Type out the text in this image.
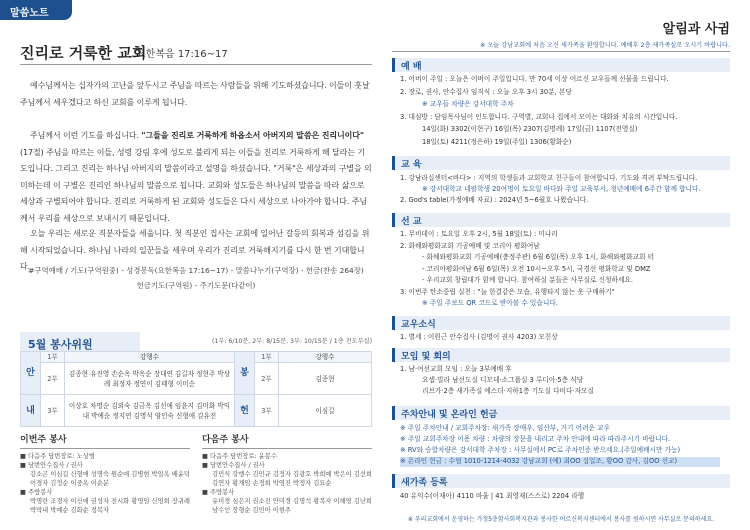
말씀노트
진리로 거룩한 교회
요한복음 17:16~17
예수님께서는 십자가의 고난을 앞두시고 주님을 따르는 사람들을 위해 기도하셨습니다. 이들이 훗날 주님께서 세우겠다고 하신 교회를 이루게 됩니다.
주님께서 이런 기도를 하십니다. "그들을 진리로 거룩하게 하옵소서 아버지의 말씀은 진리니이다"(17절) 주님을 따르는 이들, 성령 강림 후에 성도로 불리게 되는 이들을 진리로 거룩하게 해 달라는 기도입니다. 그리고 진리는 하나님 아버지의 말씀이라고 설명을 하셨습니다. "거룩"은 세상과의 구별을 의미하는데 이 구별은 진리인 하나님의 말씀으로 됩니다. 교회와 성도들은 하나님의 말씀을 따라 삶으로 세상과 구별되어야 합니다. 진리로 거룩하게 된 교회와 성도들은 다시 세상으로 나아가야 합니다. 주님께서 우리를 세상으로 보내시기 때문입니다.
오늘 우리는 새로운 직분자들을 세웁니다. 첫 직분인 집사는 교회에 일어난 갈등의 회복과 섬김을 위해 시작되었습니다. 하나님 나라의 일꾼들을 세우며 우리가 진리로 거룩해지기를 다시 한 번 기대합니다.
#구역예배 / 기도(구역원중) - 성경봉독(요한복음 17:16~17) - 말씀나누기(구역장) - 헌금(찬송 264장)
헌금기도(구역원) - 주기도문(다같이)
5월 봉사위원	(1부: 6/10분, 2부: 8/15분, 3부: 10/15분 / 1층 전도부실)
안	1부	강행수	봉	1부	강행수
	2부	김종현 유진영 손순옥 박옥순 장대연 김길자 정현주 박상례 최정자 정연이 김태형 이미순		2부	김종현
내	3부	이상호 차명순 김외숙 김금옥 김선애 임윤지 김미화 박익내 박예순 정지연 김명석 염인숙 신형애 김유진	헌	3부	이심길
이번주 봉사
■ 다음주 담번장로: 노상범
■ 당번안수집사 / 권사
김소곤 이심길 신형애 성명숙 원순애 김병현 박일옥 배윤덕
이경자 김정순 이중옥 이순분
■ 주방봉사
박명란 조경자 이신애 권성자 전시화 황영임 신영희 장귀례
박막내 박예순 김화순 정복자
다음주 봉사
■ 다음주 담번장로: 윤봉수
■ 당번안수집사 / 권사
김민식 강행수 김민규 김정자 김광호 박희예 박은이 김선희
김연자 황계임 손정희 박영진 박정자 김묘순
■ 주방봉사
유미경 심은지 권소진 안미경 김명석 황복자 이해영 김난희
남수인 장형순 김민아 이현주
알림과 사귐
※ 오늘 강남교회에 처음 오신 새가족을 환영합니다. 예배후 2층 새가족실로 오시기 바랍니다.
예 배
1. 어버이 주일 : 오늘은 어버이 주일입니다. 만 70세 이상 어르신 교우들께 선물을 드립니다.
2. 장로, 권사, 안수집사 임직식 : 오늘 오후 3시 30분, 본당
※ 교우들 차량은 강서대학 주차
3. 대심방 : 담임목사님이 인도합니다. 구역별, 교회나 집에서 모이는 대화와 치유의 시간입니다.
14일(화) 3302(이현구) 16일(목) 2307(김명례) 17일(금) 1107(전영실)
18일(토) 4211(정은하) 19일(주일) 1306(황화순)
교 육
1. 강남라십센터<바다> : 지역의 학생들과 교회학교 친구들이 참여합니다. 기도와 격려 부탁드립니다.
※ 강서대학교 네팔학생 20여명이 토요일 바다와 주일 교육부서, 청년예배에 6주간 함께 합니다.
2. God's table(가정예배 자료) : 2024년 5~6월호 나왔습니다.
선 교
1. 무비데이 : 토요일 오후 2시, 5월 18일(토) : 미나리
2. 화해와평화교회 기공예배 및 코리아 평화여남
- 화해와평화교회 기공예배(충정주관) 6월 6일(목) 오후 1시, 화해와평화교회 터
- 코리아평화여남 6월 6일(목) 오전 10시~오후 5시, 국경선 평화학교 및 DMZ
- 우리교회 창립대가 함께 합니다. 참여하실 분들은 사무실로 신청하세요.
3. 이번주 탄소중립 실천 : "늘 한결같은 모습, 유행타지 않는 옷 구매하기"
※ 주일 주보도 QR 코드로 받아볼 수 있습니다.
교우소식
1. 별세 : 이원근 안수집사 (김명이 권사 4203) 모친상
모임 및 회의
1. 남·여선교회 모임 : 오늘 3부예배 후
요셉·빌라 남선도실 디모데·소그룹실 3 루디아·5층 식당
리브가·2층 새가족실 에스더·지하1층 기도실 다비다·자모실
주차안내 및 온라인 헌금
※ 주일 주차안내 / 교회주차장: 새가족 장애우, 임산부, 거기 어려운 교우
※ 주일 교회주차장 이용 차량 : 차량의 장문을 내리고 주차 안내에 따라 따라주시기 바랍니다.
※ RV와 승합차량은 강서대학 주차장 : 사무실에서 PC로 주차인증 받으세요.(주일예배시만 가능)
※ 온라인 헌금 : 수협 1010-1214-4032 강남교회 (예) 최OO 십일조, 황OO 감사, 김OO 선교)
새가족 등록
40 유익수(이재아) 4110 바울 | 41 최영재(스스로) 2204 라헬
※ 우리교회에서 운영하는 가정5층함사회복지관과 봉사한 어르신복지센터에서 봉사를 원하시면 사무실로 문의하세요.
